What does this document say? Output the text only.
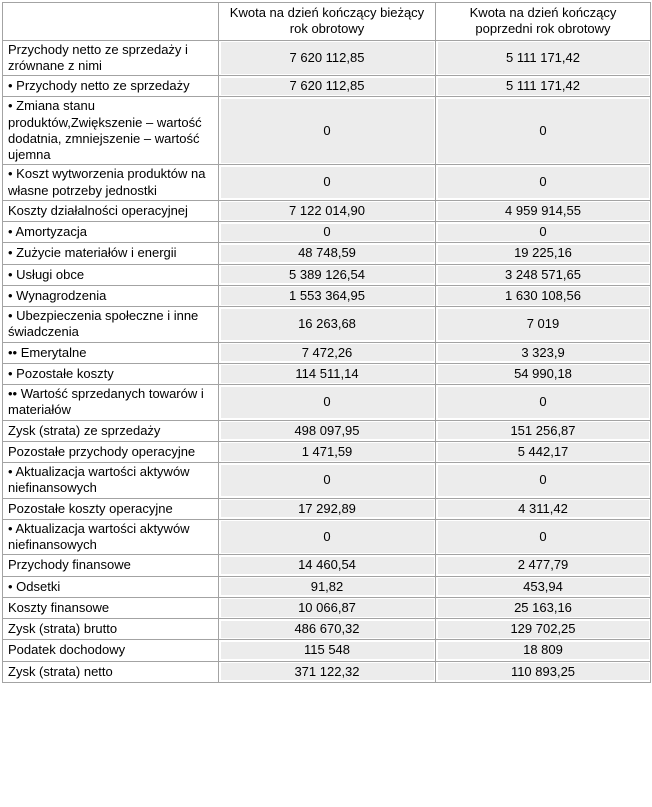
	Kwota na dzień kończący bieżący rok obrotowy	Kwota na dzień kończący poprzedni rok obrotowy
Przychody netto ze sprzedaży i zrównane z nimi	7 620 112,85	5 111 171,42
• Przychody netto ze sprzedaży	7 620 112,85	5 111 171,42
• Zmiana stanu produktów,Zwiększenie – wartość dodatnia, zmniejszenie – wartość ujemna	0	0
• Koszt wytworzenia produktów na własne potrzeby jednostki	0	0
Koszty działalności operacyjnej	7 122 014,90	4 959 914,55
• Amortyzacja	0	0
• Zużycie materiałów i energii	48 748,59	19 225,16
• Usługi obce	5 389 126,54	3 248 571,65
• Wynagrodzenia	1 553 364,95	1 630 108,56
• Ubezpieczenia społeczne i inne świadczenia	16 263,68	7 019
•• Emerytalne	7 472,26	3 323,9
• Pozostałe koszty	114 511,14	54 990,18
•• Wartość sprzedanych towarów i materiałów	0	0
Zysk (strata) ze sprzedaży	498 097,95	151 256,87
Pozostałe przychody operacyjne	1 471,59	5 442,17
• Aktualizacja wartości aktywów niefinansowych	0	0
Pozostałe koszty operacyjne	17 292,89	4 311,42
• Aktualizacja wartości aktywów niefinansowych	0	0
Przychody finansowe	14 460,54	2 477,79
• Odsetki	91,82	453,94
Koszty finansowe	10 066,87	25 163,16
Zysk (strata) brutto	486 670,32	129 702,25
Podatek dochodowy	115 548	18 809
Zysk (strata) netto	371 122,32	110 893,25
